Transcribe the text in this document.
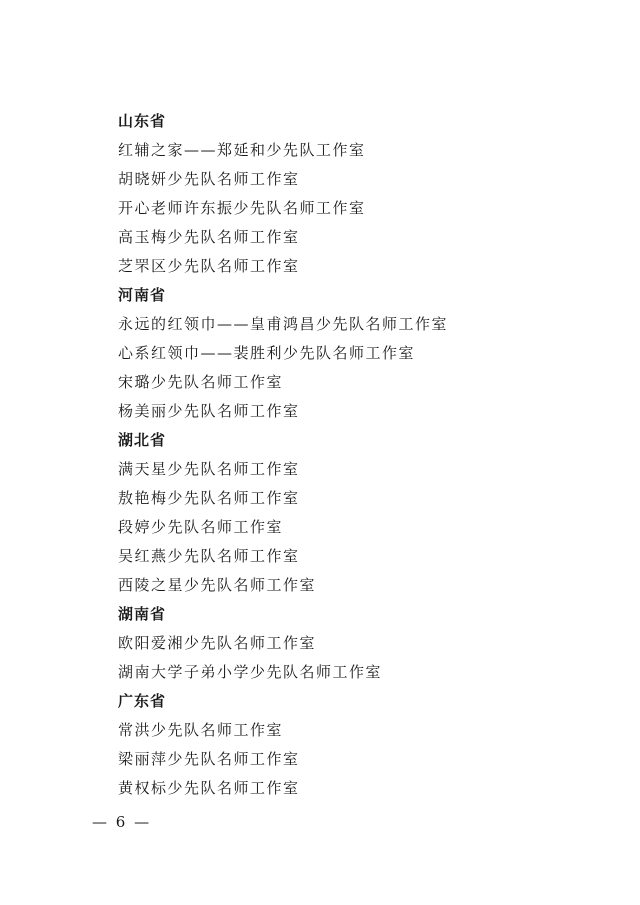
山东省
红辅之家——郑延和少先队工作室
胡晓妍少先队名师工作室
开心老师许东振少先队名师工作室
高玉梅少先队名师工作室
芝罘区少先队名师工作室
河南省
永远的红领巾——皇甫鸿昌少先队名师工作室
心系红领巾——裴胜利少先队名师工作室
宋璐少先队名师工作室
杨美丽少先队名师工作室
湖北省
满天星少先队名师工作室
敖艳梅少先队名师工作室
段婷少先队名师工作室
吴红燕少先队名师工作室
西陵之星少先队名师工作室
湖南省
欧阳爱湘少先队名师工作室
湖南大学子弟小学少先队名师工作室
广东省
常洪少先队名师工作室
梁丽萍少先队名师工作室
黄权标少先队名师工作室
— 6 —
